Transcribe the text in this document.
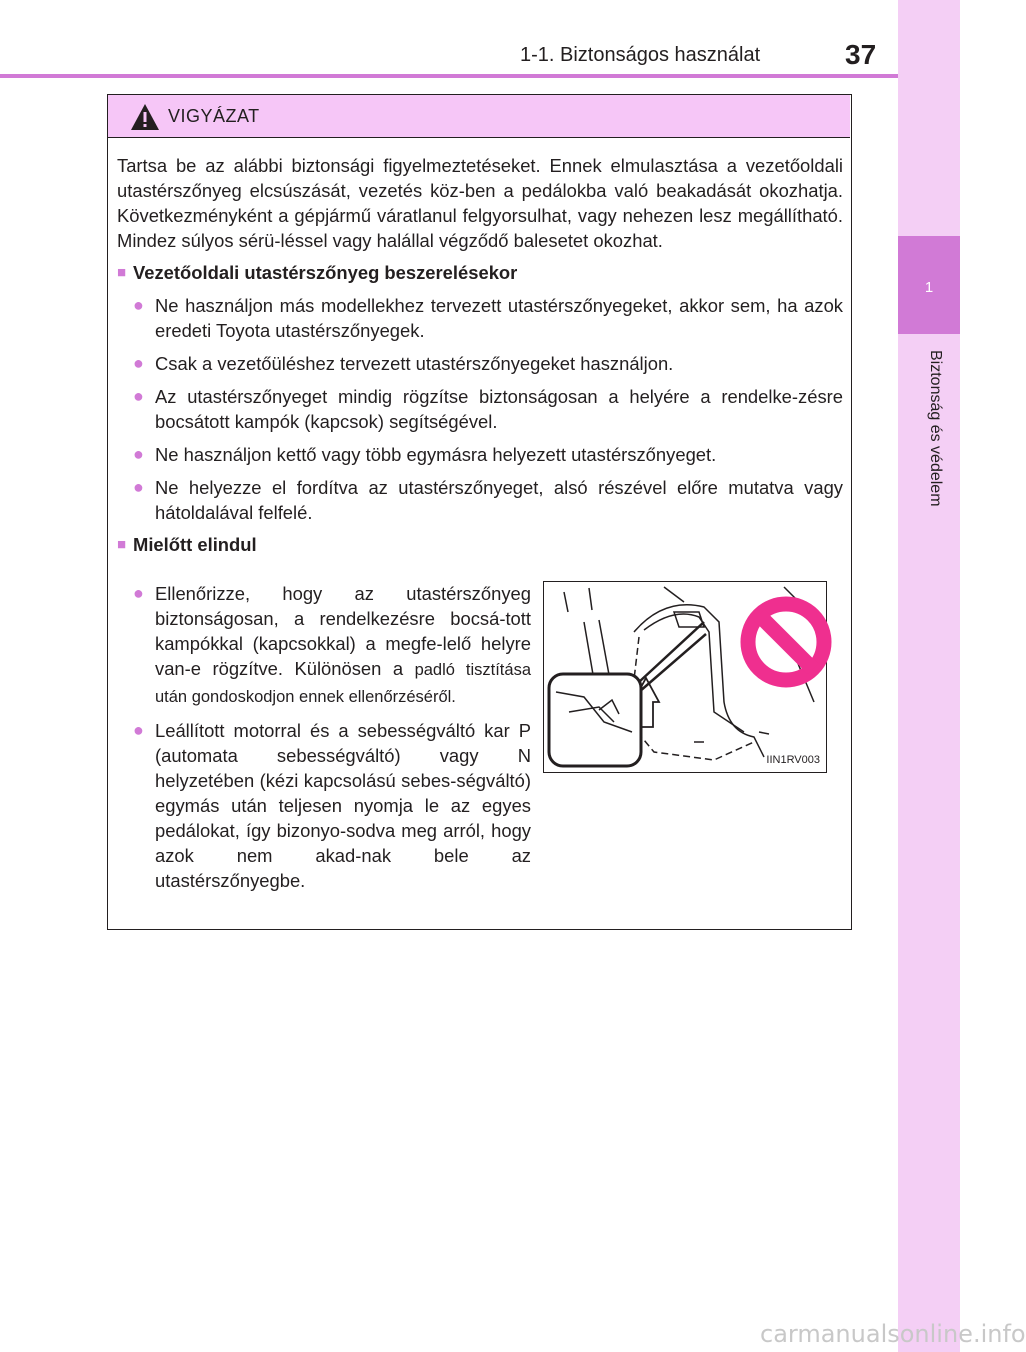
1-1. Biztonságos használat	37
1
Biztonság és védelem
VIGYÁZAT

Tartsa be az alábbi biztonsági figyelmeztetéseket. Ennek elmulasztása a vezetőoldali utastérszőnyeg elcsúszását, vezetés köz-ben a pedálokba való beakadását okozhatja. Következményként a gépjármű váratlanul felgyorsulhat, vagy nehezen lesz megállítható. Mindez súlyos sérü-léssel vagy halállal végződő balesetet okozhat.

■ Vezetőoldali utastérszőnyeg beszerelésekor
● Ne használjon más modellekhez tervezett utastérszőnyegeket, akkor sem, ha azok eredeti Toyota utastérszőnyegek.
● Csak a vezetőüléshez tervezett utastérszőnyegeket használjon.
● Az utastérszőnyeget mindig rögzítse biztonságosan a helyére a rendelke-zésre bocsátott kampók (kapcsok) segítségével.
● Ne használjon kettő vagy több egymásra helyezett utastérszőnyeget.
● Ne helyezze el fordítva az utastérszőnyeget, alsó részével előre mutatva vagy hátoldalával felfelé.
■ Mielőtt elindul
● Ellenőrizze, hogy az utastérszőnyeg biztonságosan, a rendelkezésre bocsá-tott kampókkal (kapcsokkal) a megfe-lelő helyre van-e rögzítve. Különösen a padló tisztítása után gondoskodjon ennek ellenőrzéséről.
● Leállított motorral és a sebességváltó kar P (automata sebességváltó) vagy N helyzetében (kézi kapcsolású sebes-ségváltó) egymás után teljesen nyomja le az egyes pedálokat, így bizonyo-sodva meg arról, hogy azok nem akad-nak bele az utastérszőnyegbe.
IIN1RV003
carmanualsonline.info
